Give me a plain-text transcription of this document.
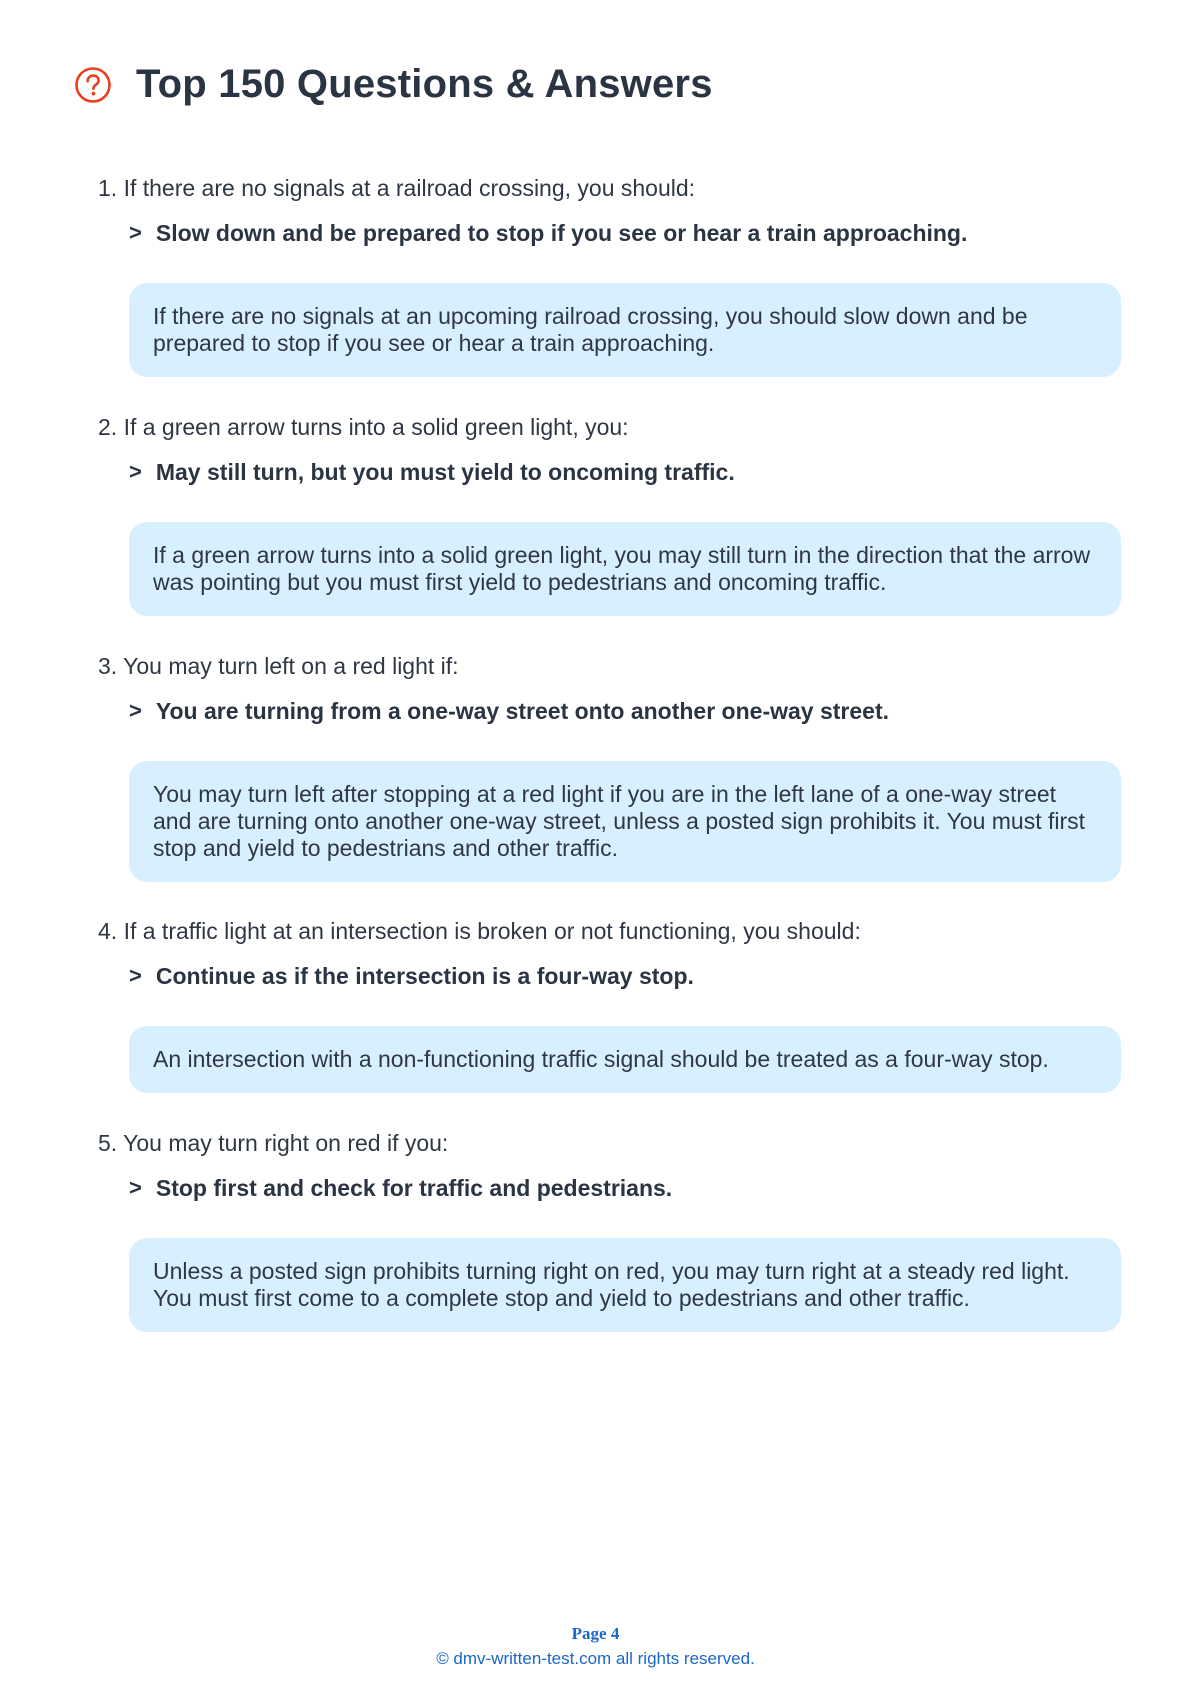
Top 150 Questions & Answers
1. If there are no signals at a railroad crossing, you should:
> Slow down and be prepared to stop if you see or hear a train approaching.
If there are no signals at an upcoming railroad crossing, you should slow down and be prepared to stop if you see or hear a train approaching.
2. If a green arrow turns into a solid green light, you:
> May still turn, but you must yield to oncoming traffic.
If a green arrow turns into a solid green light, you may still turn in the direction that the arrow was pointing but you must first yield to pedestrians and oncoming traffic.
3. You may turn left on a red light if:
> You are turning from a one-way street onto another one-way street.
You may turn left after stopping at a red light if you are in the left lane of a one-way street and are turning onto another one-way street, unless a posted sign prohibits it. You must first stop and yield to pedestrians and other traffic.
4. If a traffic light at an intersection is broken or not functioning, you should:
> Continue as if the intersection is a four-way stop.
An intersection with a non-functioning traffic signal should be treated as a four-way stop.
5. You may turn right on red if you:
> Stop first and check for traffic and pedestrians.
Unless a posted sign prohibits turning right on red, you may turn right at a steady red light. You must first come to a complete stop and yield to pedestrians and other traffic.
Page 4
© dmv-written-test.com all rights reserved.
